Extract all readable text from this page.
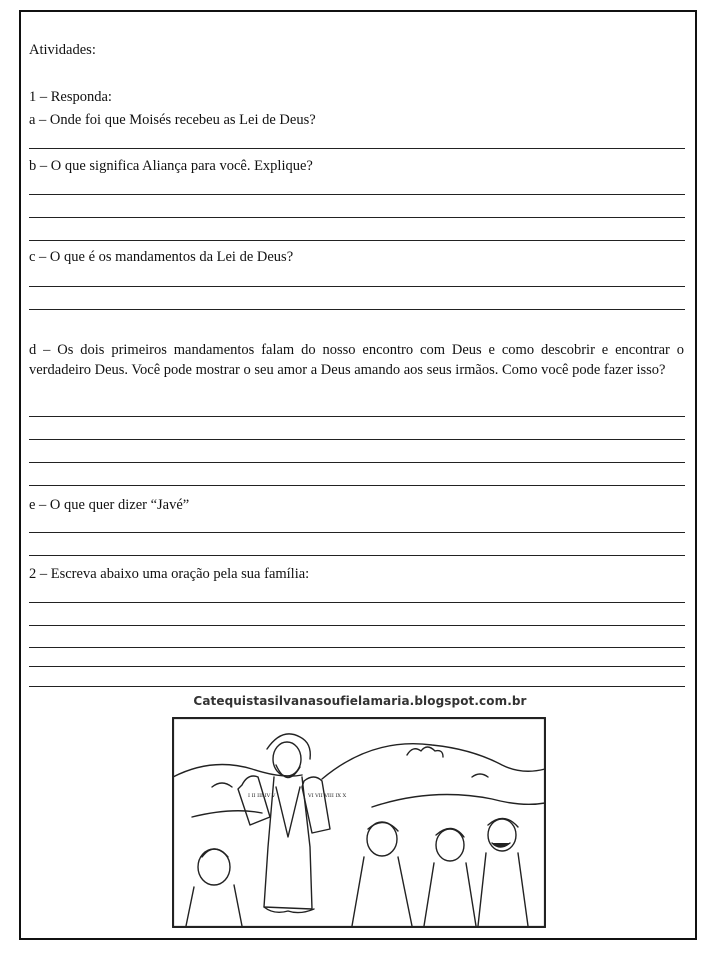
Atividades:
1 – Responda:
a – Onde foi que Moisés recebeu as Lei de Deus?
b – O que significa Aliança para você. Explique?
c – O que é os mandamentos da Lei de Deus?
d – Os dois primeiros mandamentos falam do nosso encontro com Deus e como descobrir e encontrar o verdadeiro Deus. Você pode mostrar o seu amor a Deus amando aos seus irmãos. Como você pode fazer isso?
e – O que quer dizer “Javé”
2 – Escreva abaixo uma oração pela sua família:
Catequistasilvanasoufielamaria.blogspot.com.br
I II III IV V	VI VII VIII IX X
